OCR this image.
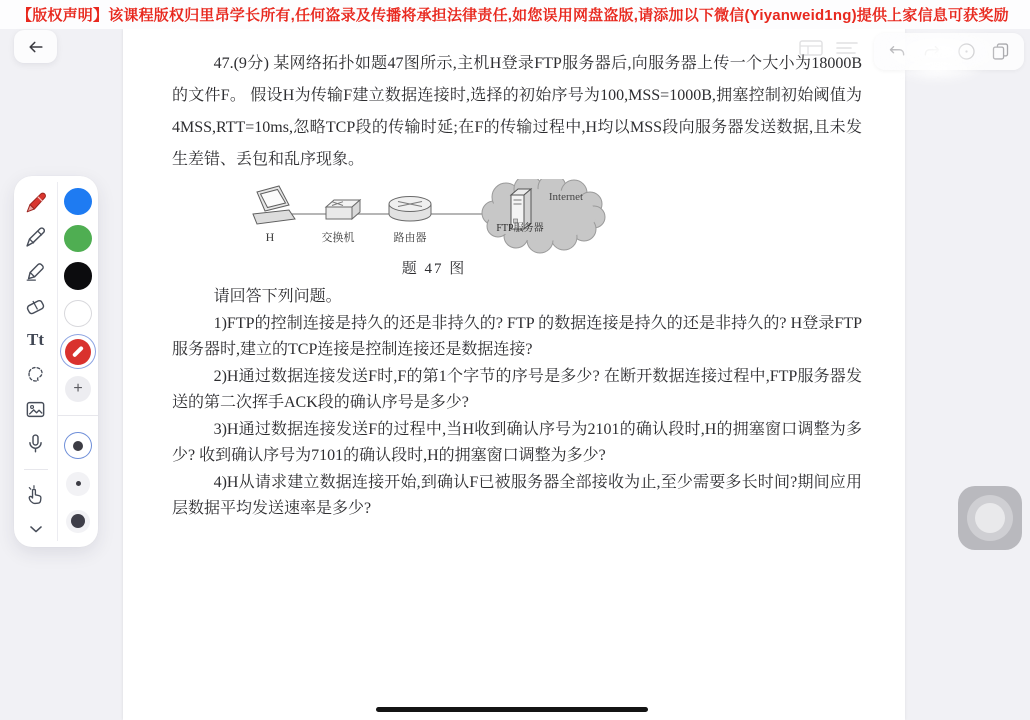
【版权声明】该课程版权归里昂学长所有,任何盗录及传播将承担法律责任,如您误用网盘盗版,请添加以下微信(Yiyanweid1ng)提供上家信息可获奖励

47.(9分) 某网络拓扑如题47图所示,主机H登录FTP服务器后,向服务器上传一个大小为18000B的文件F。 假设H为传输F建立数据连接时,选择的初始序号为100,MSS=1000B,拥塞控制初始阈值为4MSS,RTT=10ms,忽略TCP段的传输时延;在F的传输过程中,H均以MSS段向服务器发送数据,且未发生差错、丢包和乱序现象。

H	交换机	路由器
Internet
FTP服务器
题 47 图

请回答下列问题。

1)FTP的控制连接是持久的还是非持久的? FTP 的数据连接是持久的还是非持久的? H登录FTP服务器时,建立的TCP连接是控制连接还是数据连接?

2)H通过数据连接发送F时,F的第1个字节的序号是多少? 在断开数据连接过程中,FTP服务器发送的第二次挥手ACK段的确认序号是多少?

3)H通过数据连接发送F的过程中,当H收到确认序号为2101的确认段时,H的拥塞窗口调整为多少? 收到确认序号为7101的确认段时,H的拥塞窗口调整为多少?

4)H从请求建立数据连接开始,到确认F已被服务器全部接收为止,至少需要多长时间?期间应用层数据平均发送速率是多少?

Tt
+
